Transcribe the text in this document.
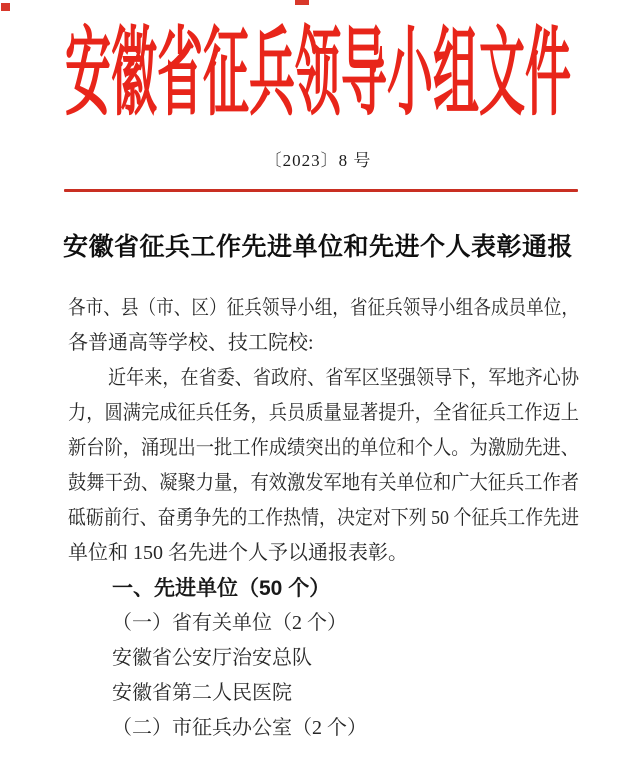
安徽省征兵领导小组文件
〔2023〕8 号
安徽省征兵工作先进单位和先进个人表彰通报
各市、县（市、区）征兵领导小组，省征兵领导小组各成员单位，
各普通高等学校、技工院校:
近年来，在省委、省政府、省军区坚强领导下，军地齐心协
力，圆满完成征兵任务，兵员质量显著提升，全省征兵工作迈上
新台阶，涌现出一批工作成绩突出的单位和个人。为激励先进、
鼓舞干劲、凝聚力量，有效激发军地有关单位和广大征兵工作者
砥砺前行、奋勇争先的工作热情，决定对下列 50 个征兵工作先进
单位和 150 名先进个人予以通报表彰。
一、先进单位（50 个）
（一）省有关单位（2 个）
安徽省公安厅治安总队
安徽省第二人民医院
（二）市征兵办公室（2 个）
